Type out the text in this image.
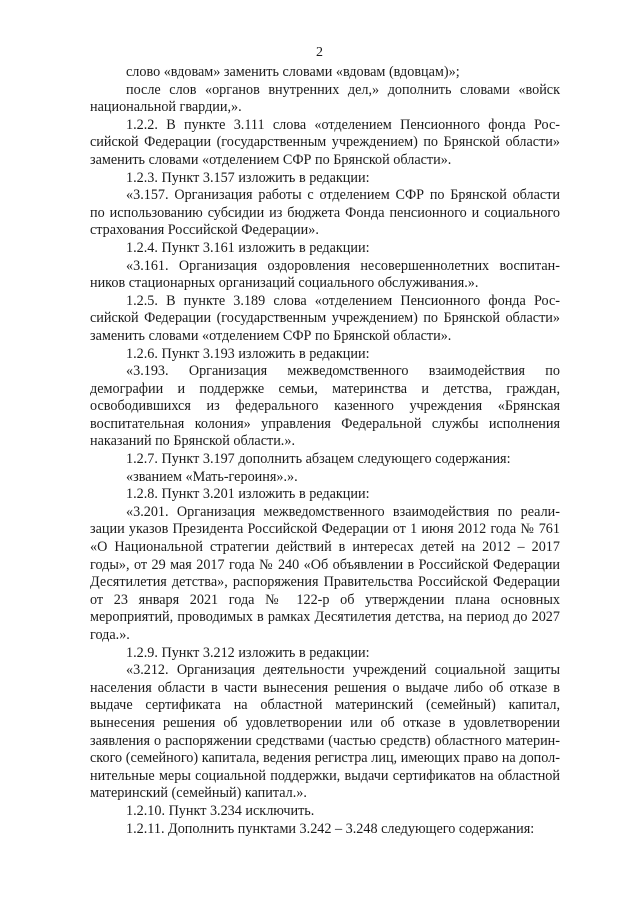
2

слово «вдовам» заменить словами «вдовам (вдовцам)»;

после слов «органов внутренних дел,» дополнить словами «войск национальной гвардии,».

1.2.2. В пункте 3.111 слова «отделением Пенсионного фонда Российской Федерации (государственным учреждением) по Брянской области» заменить словами «отделением СФР по Брянской области».

1.2.3. Пункт 3.157 изложить в редакции:

«3.157. Организация работы с отделением СФР по Брянской области по использованию субсидии из бюджета Фонда пенсионного и социального страхования Российской Федерации».

1.2.4. Пункт 3.161 изложить в редакции:

«3.161. Организация оздоровления несовершеннолетних воспитанников стационарных организаций социального обслуживания.».

1.2.5. В пункте 3.189 слова «отделением Пенсионного фонда Российской Федерации (государственным учреждением) по Брянской области» заменить словами «отделением СФР по Брянской области».

1.2.6. Пункт 3.193 изложить в редакции:

«3.193. Организация межведомственного взаимодействия по демографии и поддержке семьи, материнства и детства, граждан, освободившихся из федерального казенного учреждения «Брянская воспитательная колония» управления Федеральной службы исполнения наказаний по Брянской области.».

1.2.7. Пункт 3.197 дополнить абзацем следующего содержания:

«званием «Мать-героиня».».

1.2.8. Пункт 3.201 изложить в редакции:

«3.201. Организация межведомственного взаимодействия по реализации указов Президента Российской Федерации от 1 июня 2012 года № 761 «О Национальной стратегии действий в интересах детей на 2012 – 2017 годы», от 29 мая 2017 года № 240 «Об объявлении в Российской Федерации Десятилетия детства», распоряжения Правительства Российской Федерации от 23 января 2021 года № 122-р об утверждении плана основных мероприятий, проводимых в рамках Десятилетия детства, на период до 2027 года.».

1.2.9. Пункт 3.212 изложить в редакции:

«3.212. Организация деятельности учреждений социальной защиты населения области в части вынесения решения о выдаче либо об отказе в выдаче сертификата на областной материнский (семейный) капитал, вынесения решения об удовлетворении или об отказе в удовлетворении заявления о распоряжении средствами (частью средств) областного материнского (семейного) капитала, ведения регистра лиц, имеющих право на дополнительные меры социальной поддержки, выдачи сертификатов на областной материнский (семейный) капитал.».

1.2.10. Пункт 3.234 исключить.

1.2.11. Дополнить пунктами 3.242 – 3.248 следующего содержания:
